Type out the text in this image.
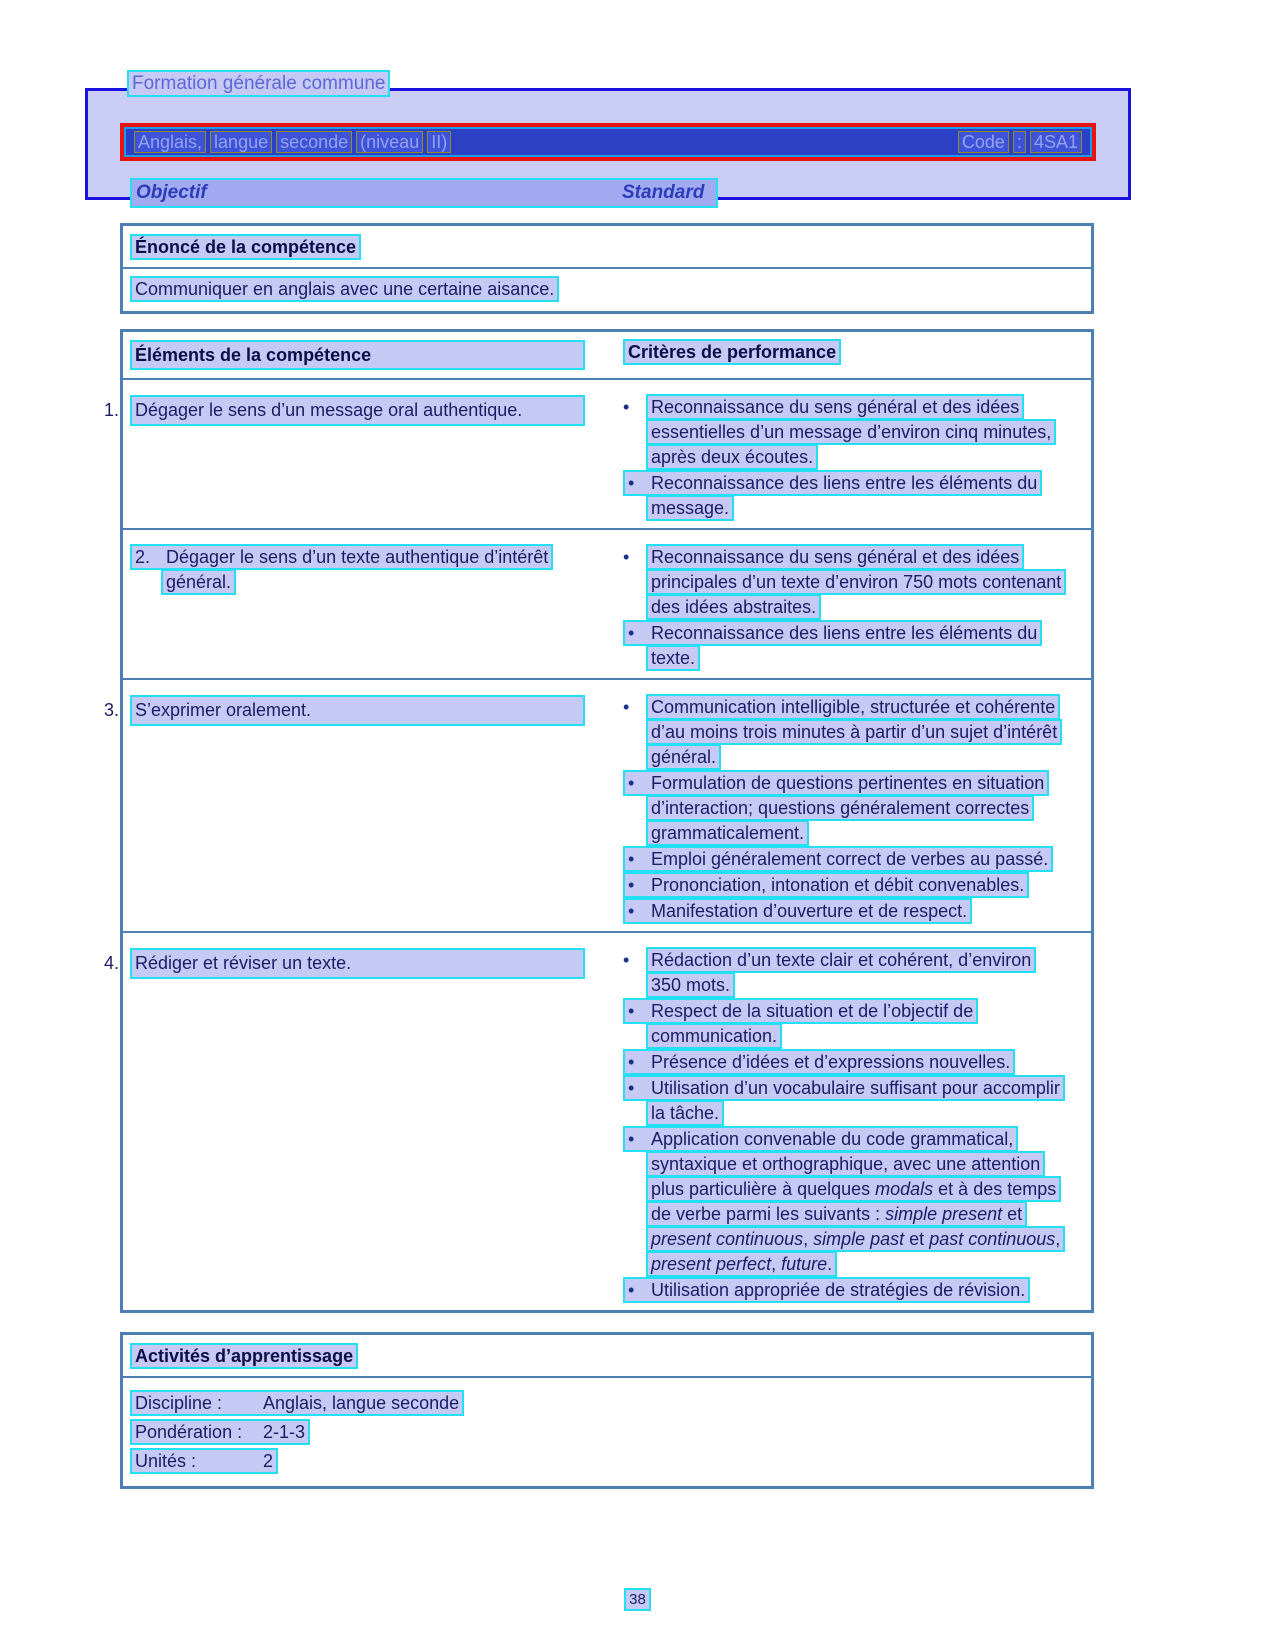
Formation générale commune
Anglais, langue seconde (niveau II)	Code : 4SA1
Objectif	Standard
Énoncé de la compétence
Communiquer en anglais avec une certaine aisance.
Éléments de la compétence	Critères de performance
1. Dégager le sens d’un message oral authentique.	• Reconnaissance du sens général et des idées essentielles d’un message d’environ cinq minutes, après deux écoutes.
• Reconnaissance des liens entre les éléments du message.
2. Dégager le sens d’un texte authentique d’intérêt général.
• Reconnaissance du sens général et des idées principales d’un texte d’environ 750 mots contenant des idées abstraites.
• Reconnaissance des liens entre les éléments du texte.
3. S’exprimer oralement.	• Communication intelligible, structurée et cohérente d’au moins trois minutes à partir d’un sujet d’intérêt général.
• Formulation de questions pertinentes en situation d’interaction; questions généralement correctes grammaticalement.
• Emploi généralement correct de verbes au passé.
• Prononciation, intonation et débit convenables.
• Manifestation d’ouverture et de respect.
4. Rédiger et réviser un texte.	• Rédaction d’un texte clair et cohérent, d’environ 350 mots.
• Respect de la situation et de l’objectif de communication.
• Présence d’idées et d’expressions nouvelles.
• Utilisation d’un vocabulaire suffisant pour accomplir la tâche.
• Application convenable du code grammatical, syntaxique et orthographique, avec une attention plus particulière à quelques modals et à des temps de verbe parmi les suivants : simple present et present continuous, simple past et past continuous, present perfect, future.
• Utilisation appropriée de stratégies de révision.
Activités d’apprentissage
Discipline : Anglais, langue seconde
Pondération : 2-1-3
Unités :	2
38
